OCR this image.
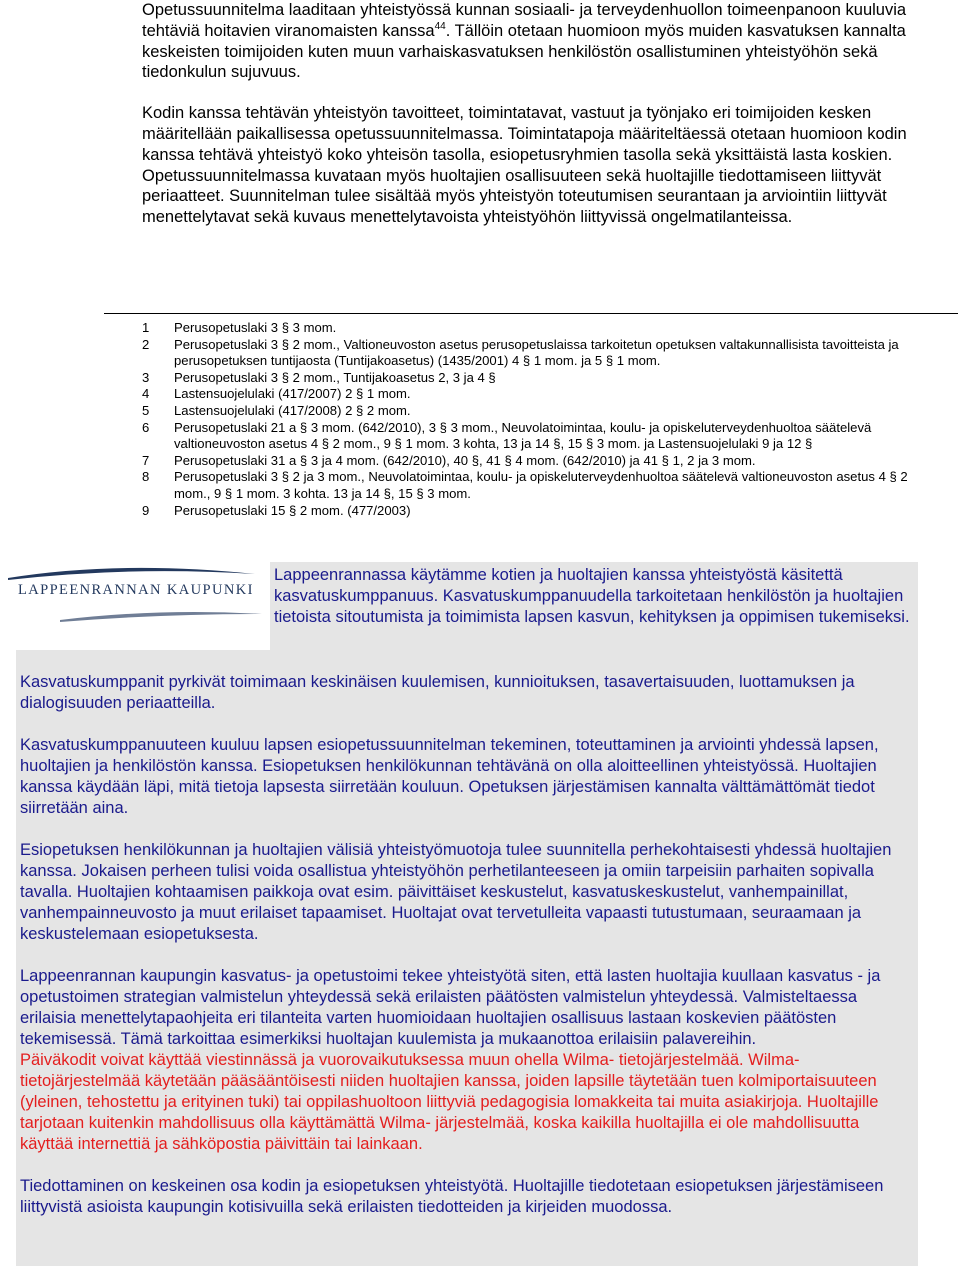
Opetussuunnitelma laaditaan yhteistyössä kunnan sosiaali- ja terveydenhuollon toimeenpanoon kuuluvia tehtäviä hoitavien viranomaisten kanssa$^{44}$. Tällöin otetaan huomioon myös muiden kasvatuksen kannalta keskeisten toimijoiden kuten muun varhaiskasvatuksen henkilöstön osallistuminen yhteistyöhön sekä tiedonkulun sujuvuus.

Kodin kanssa tehtävän yhteistyön tavoitteet, toimintatavat, vastuut ja työnjako eri toimijoiden kesken määritellään paikallisessa opetussuunnitelmassa. Toimintatapoja määriteltäessä otetaan huomioon kodin kanssa tehtävä yhteistyö koko yhteisön tasolla, esiopetusryhmien tasolla sekä yksittäistä lasta koskien. Opetussuunnitelmassa kuvataan myös huoltajien osallisuuteen sekä huoltajille tiedottamiseen liittyvät periaatteet. Suunnitelman tulee sisältää myös yhteistyön toteutumisen seurantaan ja arviointiin liittyvät menettelytavat sekä kuvaus menettelytavoista yhteistyöhön liittyvissä ongelmatilanteissa.

1	Perusopetuslaki 3 § 3 mom.
2	Perusopetuslaki 3 § 2 mom., Valtioneuvoston asetus perusopetuslaissa tarkoitetun opetuksen valtakunnallisista tavoitteista ja perusopetuksen tuntijaosta (Tuntijakoasetus) (1435/2001) 4 § 1 mom. ja 5 § 1 mom.
3	Perusopetuslaki 3 § 2 mom., Tuntijakoasetus 2, 3 ja 4 §
4	Lastensuojelulaki (417/2007) 2 § 1 mom.
5	Lastensuojelulaki (417/2008) 2 § 2 mom.
6	Perusopetuslaki 21 a § 3 mom. (642/2010), 3 § 3 mom., Neuvolatoimintaa, koulu- ja opiskeluterveydenhuoltoa säätelevä valtioneuvoston asetus 4 § 2 mom., 9 § 1 mom. 3 kohta, 13 ja 14 §, 15 § 3 mom. ja Lastensuojelulaki 9 ja 12 §
7	Perusopetuslaki 31 a § 3 ja 4 mom. (642/2010), 40 §, 41 § 4 mom. (642/2010) ja 41 § 1, 2 ja 3 mom.
8	Perusopetuslaki 3 § 2 ja 3 mom., Neuvolatoimintaa, koulu- ja opiskeluterveydenhuoltoa säätelevä valtioneuvoston asetus 4 § 2 mom., 9 § 1 mom. 3 kohta. 13 ja 14 §, 15 § 3 mom.
9	Perusopetuslaki 15 § 2 mom. (477/2003)
LAPPEENRANNAN KAUPUNKI
Lappeenrannassa käytämme kotien ja huoltajien kanssa yhteistyöstä käsitettä kasvatuskumppanuus. Kasvatuskumppanuudella tarkoitetaan henkilöstön ja huoltajien tietoista sitoutumista ja toimimista lapsen kasvun, kehityksen ja oppimisen tukemiseksi.

Kasvatuskumppanit pyrkivät toimimaan keskinäisen kuulemisen, kunnioituksen, tasavertaisuuden, luottamuksen ja dialogisuuden periaatteilla.

Kasvatuskumppanuuteen kuuluu lapsen esiopetussuunnitelman tekeminen, toteuttaminen ja arviointi yhdessä lapsen, huoltajien ja henkilöstön kanssa. Esiopetuksen henkilökunnan tehtävänä on olla aloitteellinen yhteistyössä. Huoltajien kanssa käydään läpi, mitä tietoja lapsesta siirretään kouluun. Opetuksen järjestämisen kannalta välttämättömät tiedot siirretään aina.

Esiopetuksen henkilökunnan ja huoltajien välisiä yhteistyömuotoja tulee suunnitella perhekohtaisesti yhdessä huoltajien kanssa. Jokaisen perheen tulisi voida osallistua yhteistyöhön perhetilanteeseen ja omiin tarpeisiin parhaiten sopivalla tavalla. Huoltajien kohtaamisen paikkoja ovat esim. päivittäiset keskustelut, kasvatuskeskustelut, vanhempainillat, vanhempainneuvosto ja muut erilaiset tapaamiset. Huoltajat ovat tervetulleita vapaasti tutustumaan, seuraamaan ja keskustelemaan esiopetuksesta.

Lappeenrannan kaupungin kasvatus- ja opetustoimi tekee yhteistyötä siten, että lasten huoltajia kuullaan kasvatus - ja opetustoimen strategian valmistelun yhteydessä sekä erilaisten päätösten valmistelun yhteydessä. Valmisteltaessa erilaisia menettelytapaohjeita eri tilanteita varten huomioidaan huoltajien osallisuus lastaan koskevien päätösten tekemisessä. Tämä tarkoittaa esimerkiksi huoltajan kuulemista ja mukaanottoa erilaisiin palavereihin.

Päiväkodit voivat käyttää viestinnässä ja vuorovaikutuksessa muun ohella Wilma- tietojärjestelmää. Wilma-tietojärjestelmää käytetään pääsääntöisesti niiden huoltajien kanssa, joiden lapsille täytetään tuen kolmiportaisuuteen (yleinen, tehostettu ja erityinen tuki) tai oppilashuoltoon liittyviä pedagogisia lomakkeita tai muita asiakirjoja. Huoltajille tarjotaan kuitenkin mahdollisuus olla käyttämättä Wilma- järjestelmää, koska kaikilla huoltajilla ei ole mahdollisuutta käyttää internettiä ja sähköpostia päivittäin tai lainkaan.

Tiedottaminen on keskeinen osa kodin ja esiopetuksen yhteistyötä. Huoltajille tiedotetaan esiopetuksen järjestämiseen liittyvistä asioista kaupungin kotisivuilla sekä erilaisten tiedotteiden ja kirjeiden muodossa.
